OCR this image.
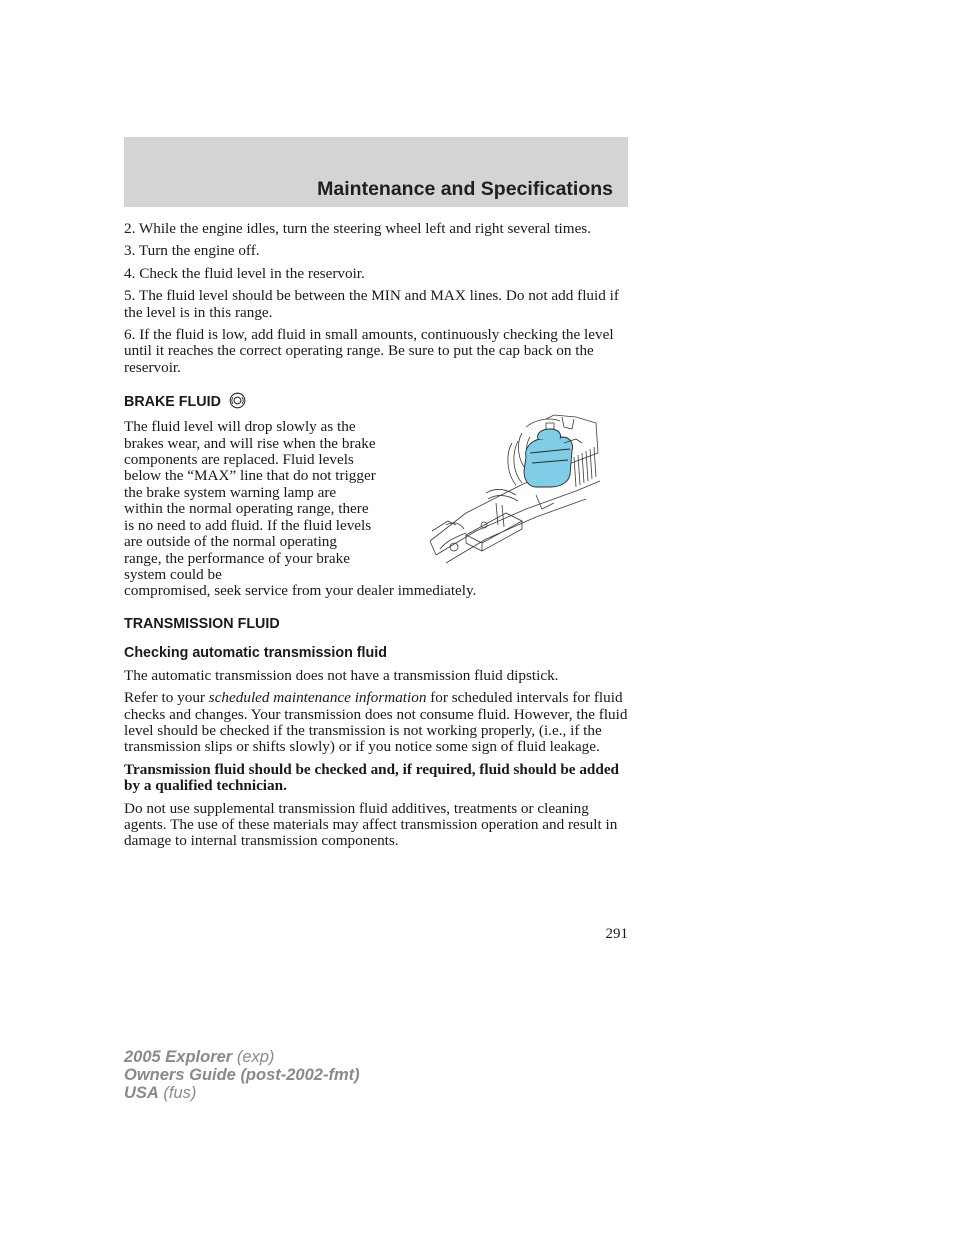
Maintenance and Specifications

2. While the engine idles, turn the steering wheel left and right several times.

3. Turn the engine off.

4. Check the fluid level in the reservoir.

5. The fluid level should be between the MIN and MAX lines. Do not add fluid if the level is in this range.

6. If the fluid is low, add fluid in small amounts, continuously checking the level until it reaches the correct operating range. Be sure to put the cap back on the reservoir.

BRAKE FLUID

The fluid level will drop slowly as the brakes wear, and will rise when the brake components are replaced. Fluid levels below the “MAX” line that do not trigger the brake system warning lamp are within the normal operating range, there is no need to add fluid. If the fluid levels are outside of the normal operating range, the performance of your brake system could be
compromised, seek service from your dealer immediately.

TRANSMISSION FLUID
Checking automatic transmission fluid

The automatic transmission does not have a transmission fluid dipstick.

Refer to your scheduled maintenance information for scheduled intervals for fluid checks and changes. Your transmission does not consume fluid. However, the fluid level should be checked if the transmission is not working properly, (i.e., if the transmission slips or shifts slowly) or if you notice some sign of fluid leakage.

Transmission fluid should be checked and, if required, fluid should be added by a qualified technician.

Do not use supplemental transmission fluid additives, treatments or cleaning agents. The use of these materials may affect transmission operation and result in damage to internal transmission components.

291
2005 Explorer (exp)
Owners Guide (post-2002-fmt)
USA (fus)
